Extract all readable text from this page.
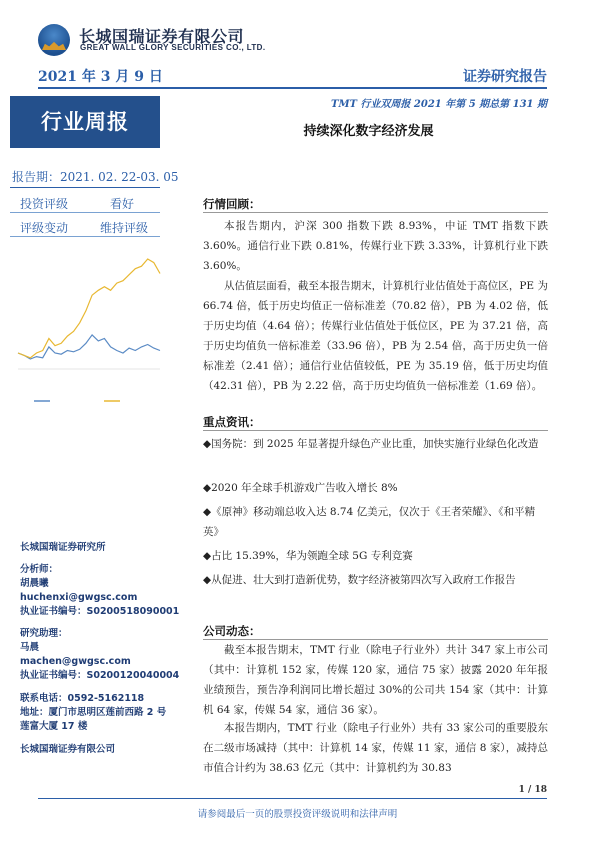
长城国瑞证券有限公司
GREAT WALL GLORY SECURITIES CO., LTD.
2021 年 3 月 9 日	证券研究报告
TMT 行业双周报 2021 年第 5 期总第 131 期
行业周报	持续深化数字经济发展
报告期：2021. 02. 22-03. 05
投资评级	看好
评级变动	维持评级
长城国瑞证券研究所
分析师：
胡晨曦
huchenxi@gwgsc.com
执业证书编号：S0200518090001
研究助理：
马晨
machen@gwgsc.com
执业证书编号：S0200120040004
联系电话：0592-5162118
地址：厦门市思明区莲前西路 2 号
莲富大厦 17 楼
长城国瑞证券有限公司
行情回顾：
本报告期内，沪深 300 指数下跌 8.93%，中证 TMT 指数下跌 3.60%。通信行业下跌 0.81%，传媒行业下跌 3.33%，计算机行业下跌 3.60%。
从估值层面看，截至本报告期末，计算机行业估值处于高位区，PE 为 66.74 倍，低于历史均值正一倍标准差（70.82 倍），PB 为 4.02 倍，低于历史均值（4.64 倍）；传媒行业估值处于低位区，PE 为 37.21 倍，高于历史均值负一倍标准差（33.96 倍），PB 为 2.54 倍，高于历史负一倍标准差（2.41 倍）；通信行业估值较低，PE 为 35.19 倍，低于历史均值（42.31 倍），PB 为 2.22 倍，高于历史均值负一倍标准差（1.69 倍）。
重点资讯：
◆国务院：到 2025 年显著提升绿色产业比重，加快实施行业绿色化改造
◆2020 年全球手机游戏广告收入增长 8%
◆《原神》移动端总收入达 8.74 亿美元，仅次于《王者荣耀》、《和平精英》
◆占比 15.39%，华为领跑全球 5G 专利竞赛
◆从促进、壮大到打造新优势，数字经济被第四次写入政府工作报告
公司动态：
截至本报告期末，TMT 行业（除电子行业外）共计 347 家上市公司（其中：计算机 152 家，传媒 120 家，通信 75 家）披露 2020 年年报业绩预告，预告净利润同比增长超过 30%的公司共 154 家（其中：计算机 64 家，传媒 54 家，通信 36 家）。
本报告期内，TMT 行业（除电子行业外）共有 33 家公司的重要股东在二级市场减持（其中：计算机 14 家，传媒 11 家，通信 8 家），减持总市值合计约为 38.63 亿元（其中：计算机约为 30.83
1 / 18
请参阅最后一页的股票投资评级说明和法律声明
